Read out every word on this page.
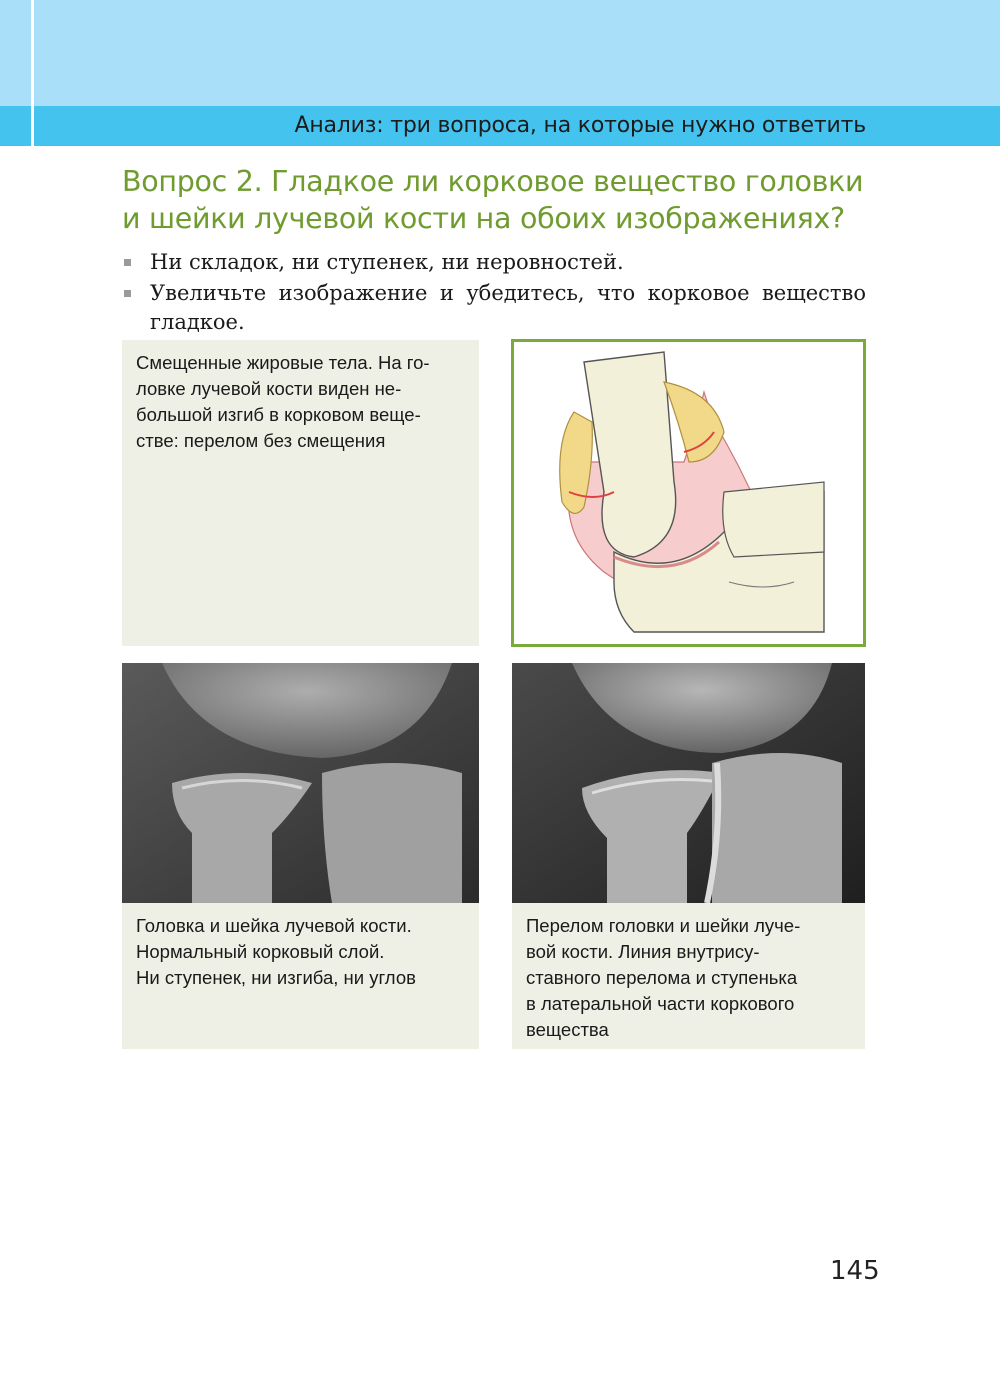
Анализ: три вопроса, на которые нужно ответить
Вопрос 2. Гладкое ли корковое вещество головки
и шейки лучевой кости на обоих изображениях?
Ни складок, ни ступенек, ни неровностей.
Увеличьте изображение и убедитесь, что корковое вещество гладкое.
Смещенные жировые тела. На го-
ловке лучевой кости виден не-
большой изгиб в корковом веще-
стве: перелом без смещения
Головка и шейка лучевой кости.
Нормальный корковый слой.
Ни ступенек, ни изгиба, ни углов
Перелом головки и шейки луче-
вой кости. Линия внутрису-
ставного перелома и ступенька
в латеральной части коркового
вещества
145
